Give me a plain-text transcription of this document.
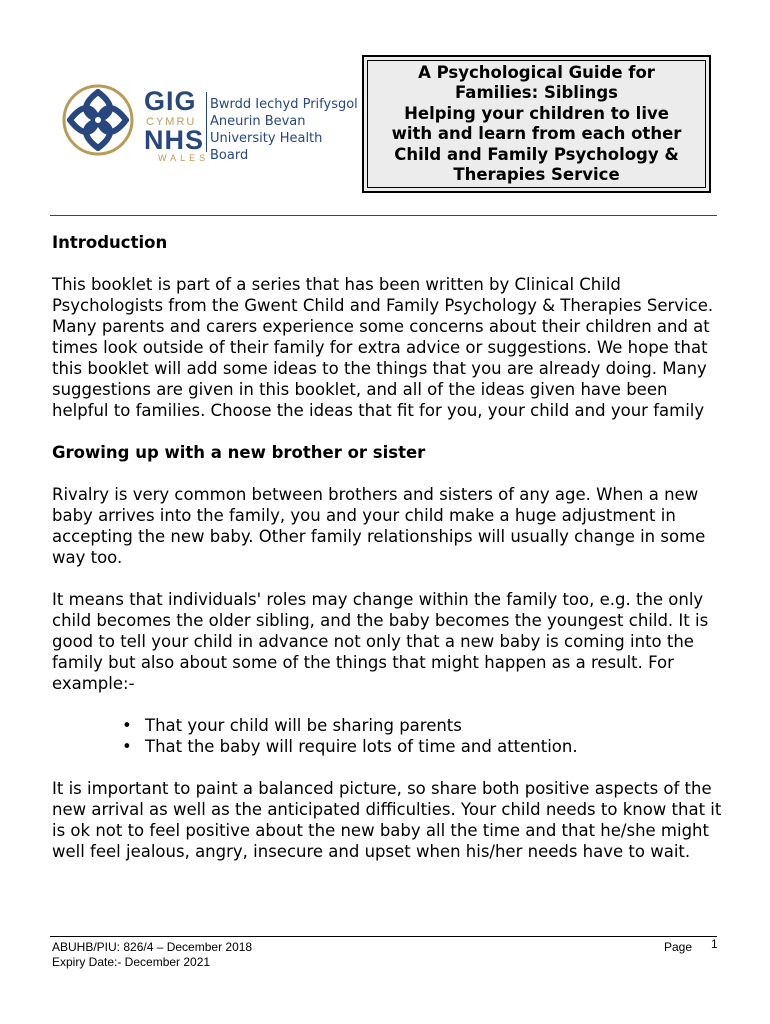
GIG
CYMRU
NHS
WALES
Bwrdd Iechyd Prifysgol
Aneurin Bevan
University Health Board
A Psychological Guide for
Families: Siblings
Helping your children to live
with and learn from each other
Child and Family Psychology &
Therapies Service

Introduction

This booklet is part of a series that has been written by Clinical Child Psychologists from the Gwent Child and Family Psychology & Therapies Service. Many parents and carers experience some concerns about their children and at times look outside of their family for extra advice or suggestions. We hope that this booklet will add some ideas to the things that you are already doing. Many suggestions are given in this booklet, and all of the ideas given have been helpful to families. Choose the ideas that fit for you, your child and your family

Growing up with a new brother or sister

Rivalry is very common between brothers and sisters of any age. When a new baby arrives into the family, you and your child make a huge adjustment in accepting the new baby. Other family relationships will usually change in some way too.

It means that individuals' roles may change within the family too, e.g. the only child becomes the older sibling, and the baby becomes the youngest child. It is good to tell your child in advance not only that a new baby is coming into the family but also about some of the things that might happen as a result. For example:-

• That your child will be sharing parents
• That the baby will require lots of time and attention.

It is important to paint a balanced picture, so share both positive aspects of the new arrival as well as the anticipated difficulties. Your child needs to know that it is ok not to feel positive about the new baby all the time and that he/she might well feel jealous, angry, insecure and upset when his/her needs have to wait.

ABUHB/PIU: 826/4 – December 2018
Expiry Date:- December 2021
Page 1
